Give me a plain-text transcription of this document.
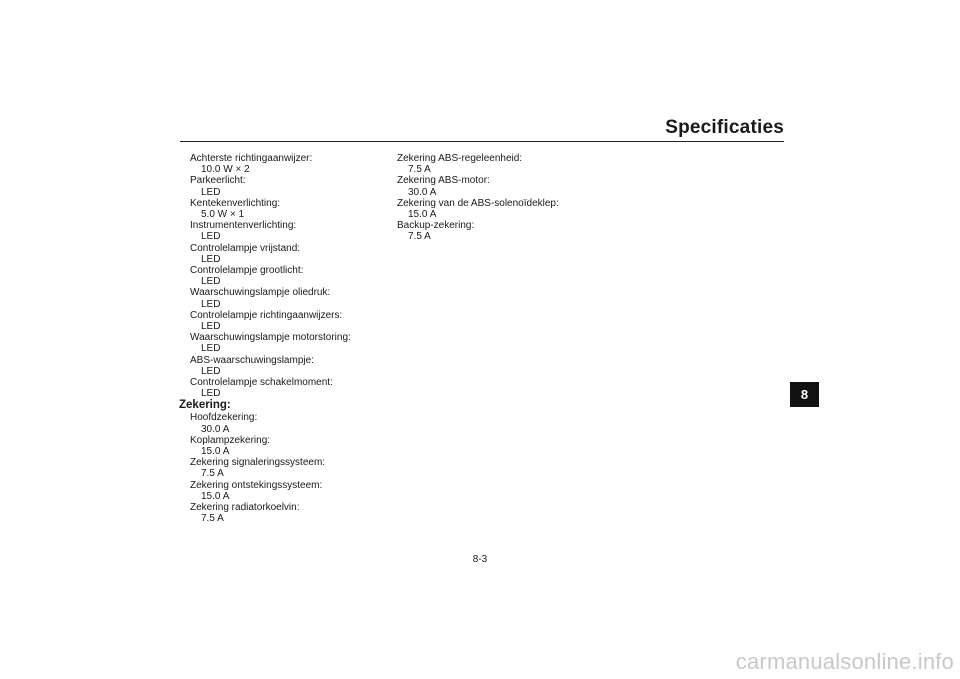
Specificaties
Achterste richtingaanwijzer:
10.0 W × 2
Parkeerlicht:
LED
Kentekenverlichting:
5.0 W × 1
Instrumentenverlichting:
LED
Controlelampje vrijstand:
LED
Controlelampje grootlicht:
LED
Waarschuwingslampje oliedruk:
LED
Controlelampje richtingaanwijzers:
LED
Waarschuwingslampje motorstoring:
LED
ABS-waarschuwingslampje:
LED
Controlelampje schakelmoment:
LED
Zekering:
Hoofdzekering:
30.0 A
Koplampzekering:
15.0 A
Zekering signaleringssysteem:
7.5 A
Zekering ontstekingssysteem:
15.0 A
Zekering radiatorkoelvin:
7.5 A
Zekering ABS-regeleenheid:
7.5 A
Zekering ABS-motor:
30.0 A
Zekering van de ABS-solenoïdeklep:
15.0 A
Backup-zekering:
7.5 A
8
8-3
carmanualsonline.info
